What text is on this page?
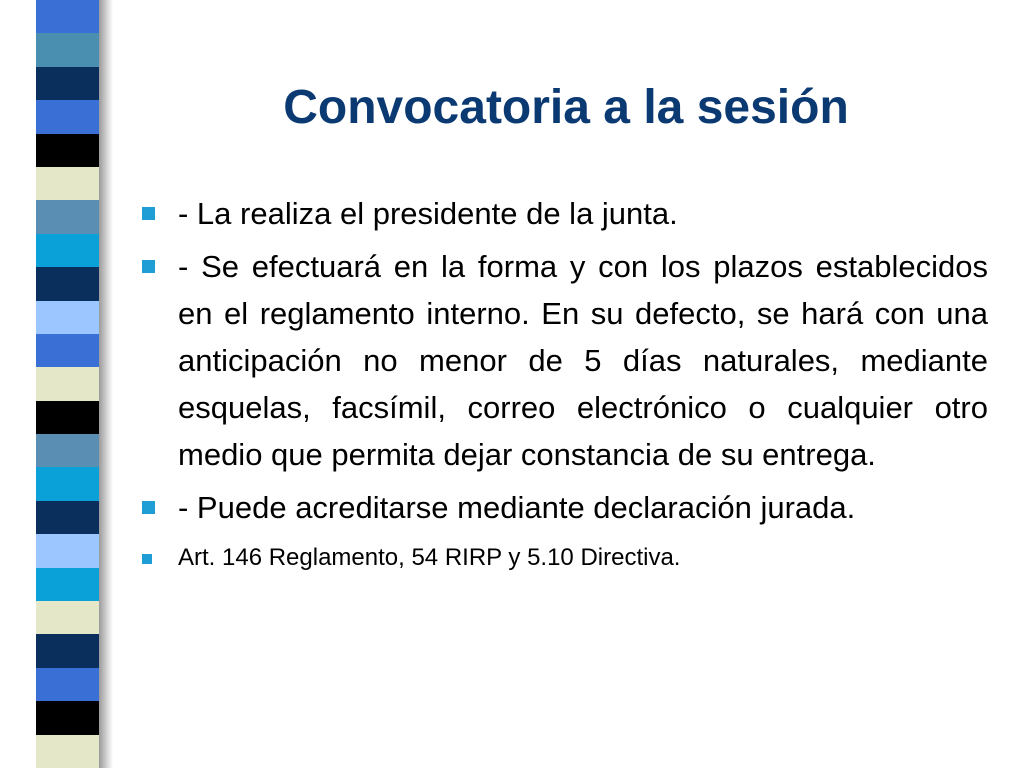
Convocatoria a la sesión
- La realiza el presidente de la junta.
- Se efectuará en la forma y con los plazos establecidos en el reglamento interno. En su defecto, se hará con una anticipación no menor de 5 días naturales, mediante esquelas, facsímil, correo electrónico o cualquier otro medio que permita dejar constancia de su entrega.
- Puede acreditarse mediante declaración jurada.
Art. 146 Reglamento, 54 RIRP y 5.10 Directiva.
